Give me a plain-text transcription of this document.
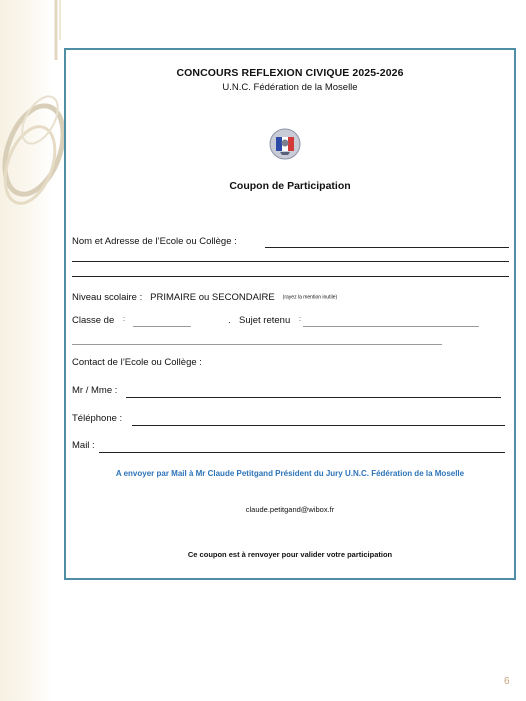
CONCOURS REFLEXION CIVIQUE 2025-2026
U.N.C. Fédération de la Moselle
Coupon de Participation
Nom et Adresse de l’Ecole ou Collège :
Niveau scolaire : PRIMAIRE ou SECONDAIRE (rayez la mention inutile)
Classe de :	. Sujet retenu :
Contact de l’Ecole ou Collège :
Mr / Mme :
Téléphone :
Mail :
A envoyer par Mail à Mr Claude Petitgand Président du Jury U.N.C. Fédération de la Moselle
claude.petitgand@wibox.fr
Ce coupon est à renvoyer pour valider votre participation
6
